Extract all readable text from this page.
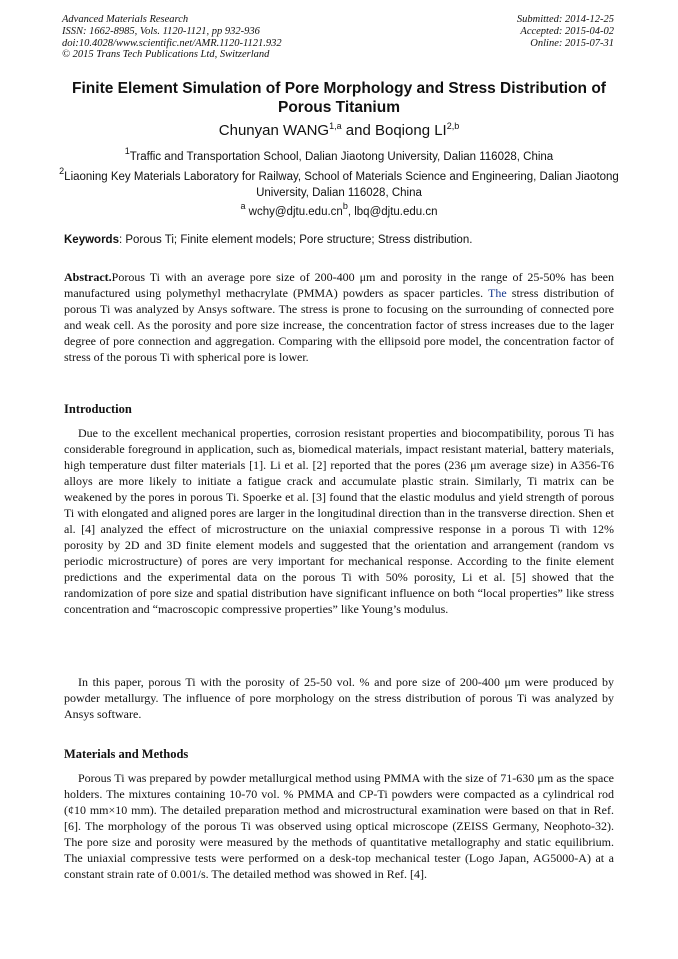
Advanced Materials Research
ISSN: 1662-8985, Vols. 1120-1121, pp 932-936
doi:10.4028/www.scientific.net/AMR.1120-1121.932
© 2015 Trans Tech Publications Ltd, Switzerland
Submitted: 2014-12-25
Accepted: 2015-04-02
Online: 2015-07-31
Finite Element Simulation of Pore Morphology and Stress Distribution of Porous Titanium
Chunyan WANG$^{1,a}$ and Boqiong LI$^{2,b}$
$^1$Traffic and Transportation School, Dalian Jiaotong University, Dalian 116028, China
$^2$Liaoning Key Materials Laboratory for Railway, School of Materials Science and Engineering, Dalian Jiaotong University, Dalian 116028, China
$^a$ $wchy@djtu.edu.cn^b$, lbq@djtu.edu.cn
Keywords: Porous Ti; Finite element models; Pore structure; Stress distribution.
Abstract.Porous Ti with an average pore size of 200-400 μm and porosity in the range of 25-50% has been manufactured using polymethyl methacrylate (PMMA) powders as spacer particles. The stress distribution of porous Ti was analyzed by Ansys software. The stress is prone to focusing on the surrounding of connected pore and weak cell. As the porosity and pore size increase, the concentration factor of stress increases due to the lager degree of pore connection and aggregation. Comparing with the ellipsoid pore model, the concentration factor of stress of the porous Ti with spherical pore is lower.
Introduction
Due to the excellent mechanical properties, corrosion resistant properties and biocompatibility, porous Ti has considerable foreground in application, such as, biomedical materials, impact resistant material, battery materials, high temperature dust filter materials [1]. Li et al. [2] reported that the pores (236 μm average size) in A356-T6 alloys are more likely to initiate a fatigue crack and accumulate plastic strain. Similarly, Ti matrix can be weakened by the pores in porous Ti. Spoerke et al. [3] found that the elastic modulus and yield strength of porous Ti with elongated and aligned pores are larger in the longitudinal direction than in the transverse direction. Shen et al. [4] analyzed the effect of microstructure on the uniaxial compressive response in a porous Ti with 12% porosity by 2D and 3D finite element models and suggested that the orientation and arrangement (random vs periodic microstructure) of pores are very important for mechanical response. According to the finite element predictions and the experimental data on the porous Ti with 50% porosity, Li et al. [5] showed that the randomization of pore size and spatial distribution have significant influence on both “local properties” like stress concentration and “macroscopic compressive properties” like Young’s modulus.
In this paper, porous Ti with the porosity of 25-50 vol. % and pore size of 200-400 μm were produced by powder metallurgy. The influence of pore morphology on the stress distribution of porous Ti was analyzed by Ansys software.
Materials and Methods
Porous Ti was prepared by powder metallurgical method using PMMA with the size of 71-630 μm as the space holders. The mixtures containing 10-70 vol. % PMMA and CP-Ti powders were compacted as a cylindrical rod (¢10 mm×10 mm). The detailed preparation method and microstructural examination were based on that in Ref. [6]. The morphology of the porous Ti was observed using optical microscope (ZEISS Germany, Neophoto-32). The pore size and porosity were measured by the methods of quantitative metallography and static equilibrium. The uniaxial compressive tests were performed on a desk-top mechanical tester (Logo Japan, AG5000-A) at a constant strain rate of 0.001/s. The detailed method was showed in Ref. [4].
